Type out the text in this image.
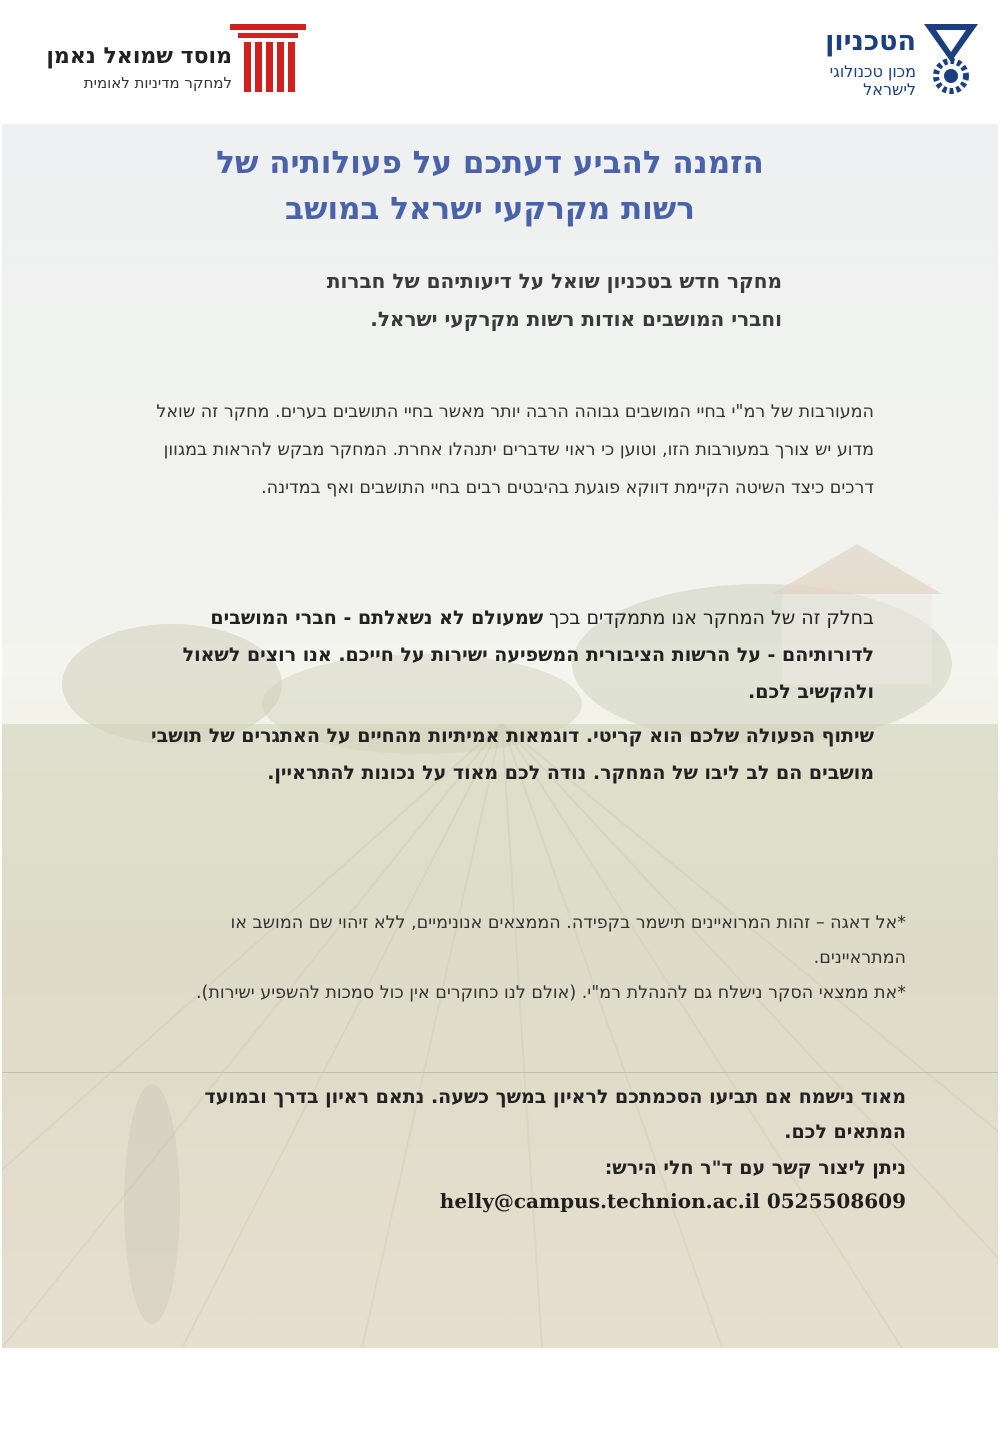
מוסד שמואל נאמן
למחקר מדיניות לאומית
הטכניון
מכון טכנולוגי
לישראל
הזמנה להביע דעתכם על פעולותיה של
רשות מקרקעי ישראל במושב
מחקר חדש בטכניון שואל על דיעותיהם של חברות
וחברי המושבים אודות רשות מקרקעי ישראל.
המעורבות של רמ"י בחיי המושבים גבוהה הרבה יותר מאשר בחיי התושבים בערים. מחקר זה שואל מדוע יש צורך במעורבות הזו, וטוען כי ראוי שדברים יתנהלו אחרת. המחקר מבקש להראות במגוון דרכים כיצד השיטה הקיימת דווקא פוגעת בהיבטים רבים בחיי התושבים ואף במדינה.
בחלק זה של המחקר אנו מתמקדים בכך שמעולם לא נשאלתם - חברי המושבים לדורותיהם - על הרשות הציבורית המשפיעה ישירות על חייכם. אנו רוצים לשאול ולהקשיב לכם.
שיתוף הפעולה שלכם הוא קריטי. דוגמאות אמיתיות מהחיים על האתגרים של תושבי מושבים הם לב ליבו של המחקר. נודה לכם מאוד על נכונות להתראיין.
*אל דאגה – זהות המרואיינים תישמר בקפידה. הממצאים אנונימיים, ללא זיהוי שם המושב או המתראיינים.
*את ממצאי הסקר נישלח גם להנהלת רמ"י. (אולם לנו כחוקרים אין כול סמכות להשפיע ישירות).
מאוד נישמח אם תביעו הסכמתכם לראיון במשך כשעה. נתאם ראיון בדרך ובמועד המתאים לכם.
ניתן ליצור קשר עם ד"ר חלי הירש:
helly@campus.technion.ac.il 0525508609
